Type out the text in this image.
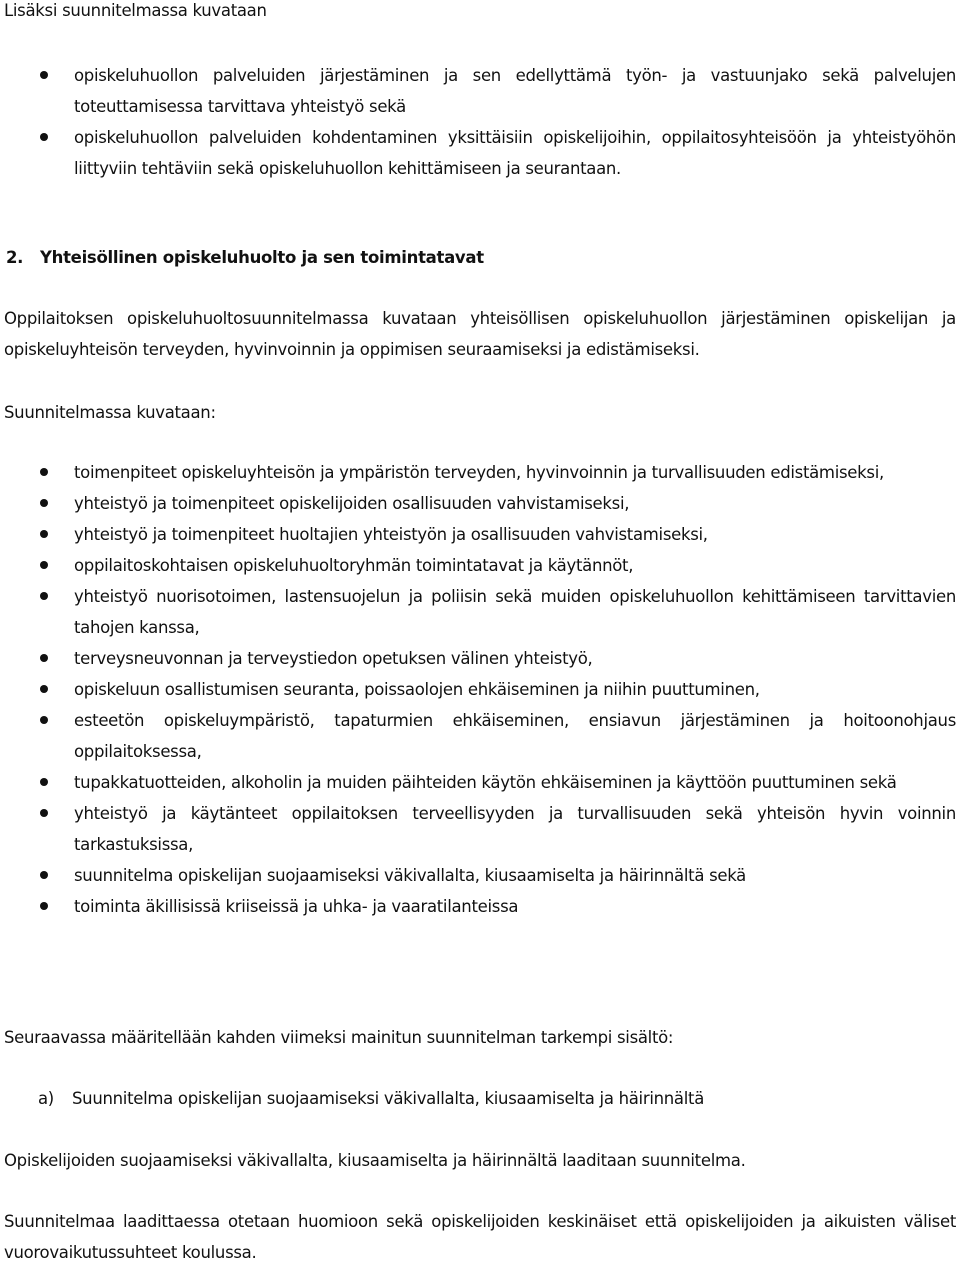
Lisäksi suunnitelmassa kuvataan
opiskeluhuollon palveluiden järjestäminen ja sen edellyttämä työn- ja vastuunjako sekä palvelujen toteuttamisessa tarvittava yhteistyö sekä
opiskeluhuollon palveluiden kohdentaminen yksittäisiin opiskelijoihin, oppilaitosyhteisöön ja yhteistyöhön liittyviin tehtäviin sekä opiskeluhuollon kehittämiseen ja seurantaan.
2. Yhteisöllinen opiskeluhuolto ja sen toimintatavat
Oppilaitoksen opiskeluhuoltosuunnitelmassa kuvataan yhteisöllisen opiskeluhuollon järjestäminen opiskelijan ja opiskeluyhteisön terveyden, hyvinvoinnin ja oppimisen seuraamiseksi ja edistämiseksi.
Suunnitelmassa kuvataan:
toimenpiteet opiskeluyhteisön ja ympäristön terveyden, hyvinvoinnin ja turvallisuuden edistämiseksi,
yhteistyö ja toimenpiteet opiskelijoiden osallisuuden vahvistamiseksi,
yhteistyö ja toimenpiteet huoltajien yhteistyön ja osallisuuden vahvistamiseksi,
oppilaitoskohtaisen opiskeluhuoltoryhmän toimintatavat ja käytännöt,
yhteistyö nuorisotoimen, lastensuojelun ja poliisin sekä muiden opiskeluhuollon kehittämiseen tarvittavien tahojen kanssa,
terveysneuvonnan ja terveystiedon opetuksen välinen yhteistyö,
opiskeluun osallistumisen seuranta, poissaolojen ehkäiseminen ja niihin puuttuminen,
esteetön opiskeluympäristö, tapaturmien ehkäiseminen, ensiavun järjestäminen ja hoitoonohjaus oppilaitoksessa,
tupakkatuotteiden, alkoholin ja muiden päihteiden käytön ehkäiseminen ja käyttöön puuttuminen sekä
yhteistyö ja käytänteet oppilaitoksen terveellisyyden ja turvallisuuden sekä yhteisön hyvin voinnin tarkastuksissa,
suunnitelma opiskelijan suojaamiseksi väkivallalta, kiusaamiselta ja häirinnältä sekä
toiminta äkillisissä kriiseissä ja uhka- ja vaaratilanteissa
Seuraavassa määritellään kahden viimeksi mainitun suunnitelman tarkempi sisältö:
a) Suunnitelma opiskelijan suojaamiseksi väkivallalta, kiusaamiselta ja häirinnältä
Opiskelijoiden suojaamiseksi väkivallalta, kiusaamiselta ja häirinnältä laaditaan suunnitelma.
Suunnitelmaa laadittaessa otetaan huomioon sekä opiskelijoiden keskinäiset että opiskelijoiden ja aikuisten väliset vuorovaikutussuhteet koulussa.
